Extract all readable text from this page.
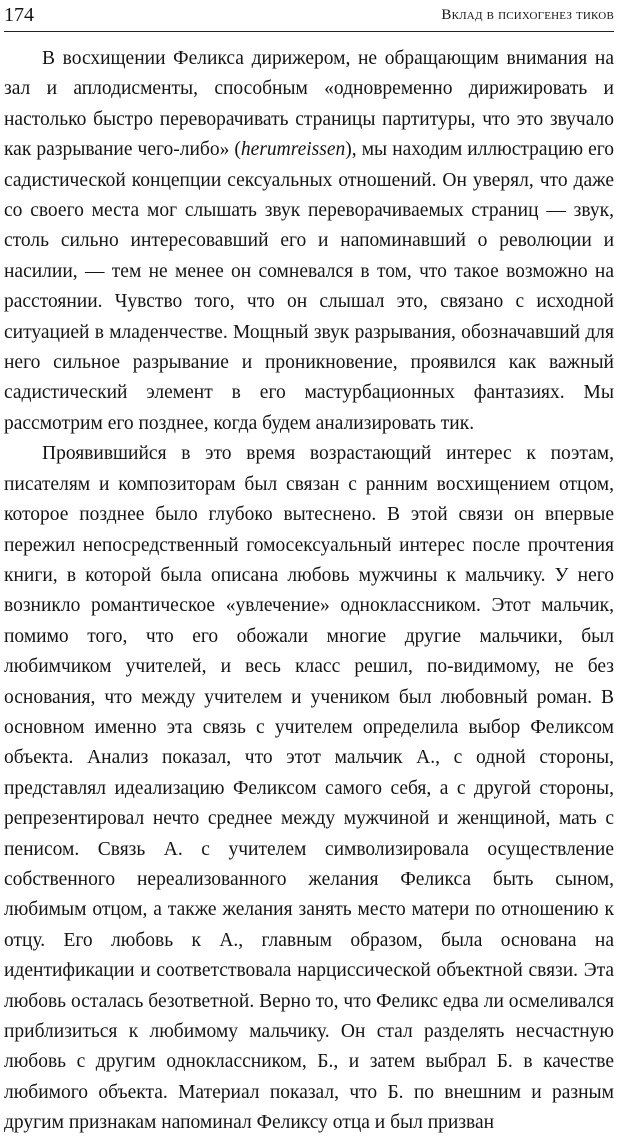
174	Вклад в психогенез тиков

В восхищении Феликса дирижером, не обращающим внимания на зал и аплодисменты, способным «одновременно дирижировать и настолько быстро переворачивать страницы партитуры, что это звучало как разрывание чего-либо» (herumreissen), мы находим иллюстрацию его садистической концепции сексуальных отношений. Он уверял, что даже со своего места мог слышать звук переворачиваемых страниц — звук, столь сильно интересовавший его и напоминавший о революции и насилии, — тем не менее он сомневался в том, что такое возможно на расстоянии. Чувство того, что он слышал это, связано с исходной ситуацией в младенчестве. Мощный звук разрывания, обозначавший для него сильное разрывание и проникновение, проявился как важный садистический элемент в его мастурбационных фантазиях. Мы рассмотрим его позднее, когда будем анализировать тик.

Проявившийся в это время возрастающий интерес к поэтам, писателям и композиторам был связан с ранним восхищением отцом, которое позднее было глубоко вытеснено. В этой связи он впервые пережил непосредственный гомосексуальный интерес после прочтения книги, в которой была описана любовь мужчины к мальчику. У него возникло романтическое «увлечение» одноклассником. Этот мальчик, помимо того, что его обожали многие другие мальчики, был любимчиком учителей, и весь класс решил, по-видимому, не без основания, что между учителем и учеником был любовный роман. В основном именно эта связь с учителем определила выбор Феликсом объекта. Анализ показал, что этот мальчик А., с одной стороны, представлял идеализацию Феликсом самого себя, а с другой стороны, репрезентировал нечто среднее между мужчиной и женщиной, мать с пенисом. Связь А. с учителем символизировала осуществление собственного нереализованного желания Феликса быть сыном, любимым отцом, а также желания занять место матери по отношению к отцу. Его любовь к А., главным образом, была основана на идентификации и соответствовала нарциссической объектной связи. Эта любовь осталась безответной. Верно то, что Феликс едва ли осмеливался приблизиться к любимому мальчику. Он стал разделять несчастную любовь с другим одноклассником, Б., и затем выбрал Б. в качестве любимого объекта. Материал показал, что Б. по внешним и разным другим признакам напоминал Феликсу отца и был призван
